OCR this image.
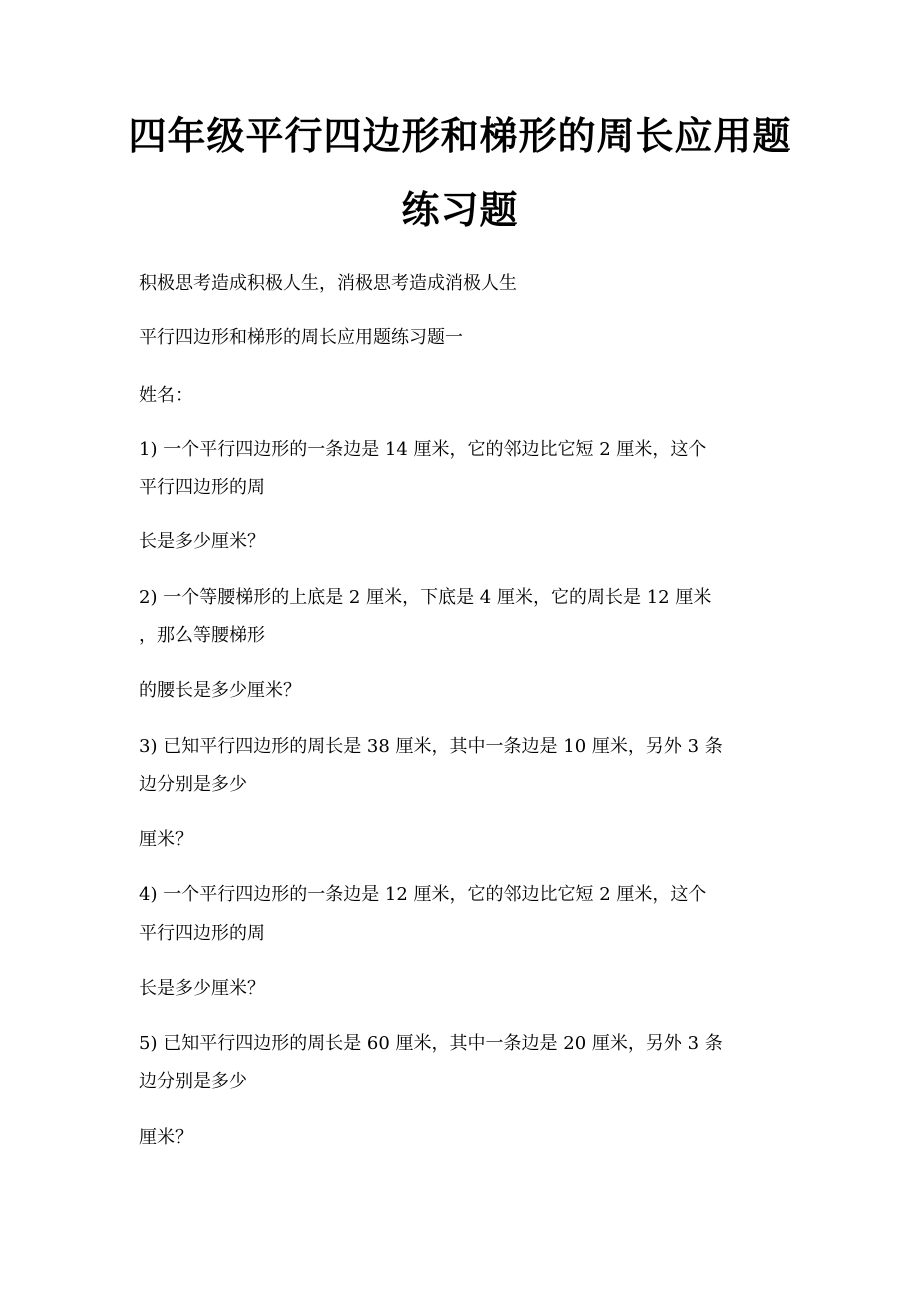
四年级平行四边形和梯形的周长应用题
练习题

积极思考造成积极人生，消极思考造成消极人生

平行四边形和梯形的周长应用题练习题一

姓名：

1) 一个平行四边形的一条边是 14 厘米，它的邻边比它短 2 厘米，这个

平行四边形的周

长是多少厘米？

2) 一个等腰梯形的上底是 2 厘米，下底是 4 厘米，它的周长是 12 厘米

，那么等腰梯形

的腰长是多少厘米？

3) 已知平行四边形的周长是 38 厘米，其中一条边是 10 厘米，另外 3 条

边分别是多少

厘米？

4) 一个平行四边形的一条边是 12 厘米，它的邻边比它短 2 厘米，这个

平行四边形的周

长是多少厘米？

5) 已知平行四边形的周长是 60 厘米，其中一条边是 20 厘米，另外 3 条

边分别是多少

厘米？
